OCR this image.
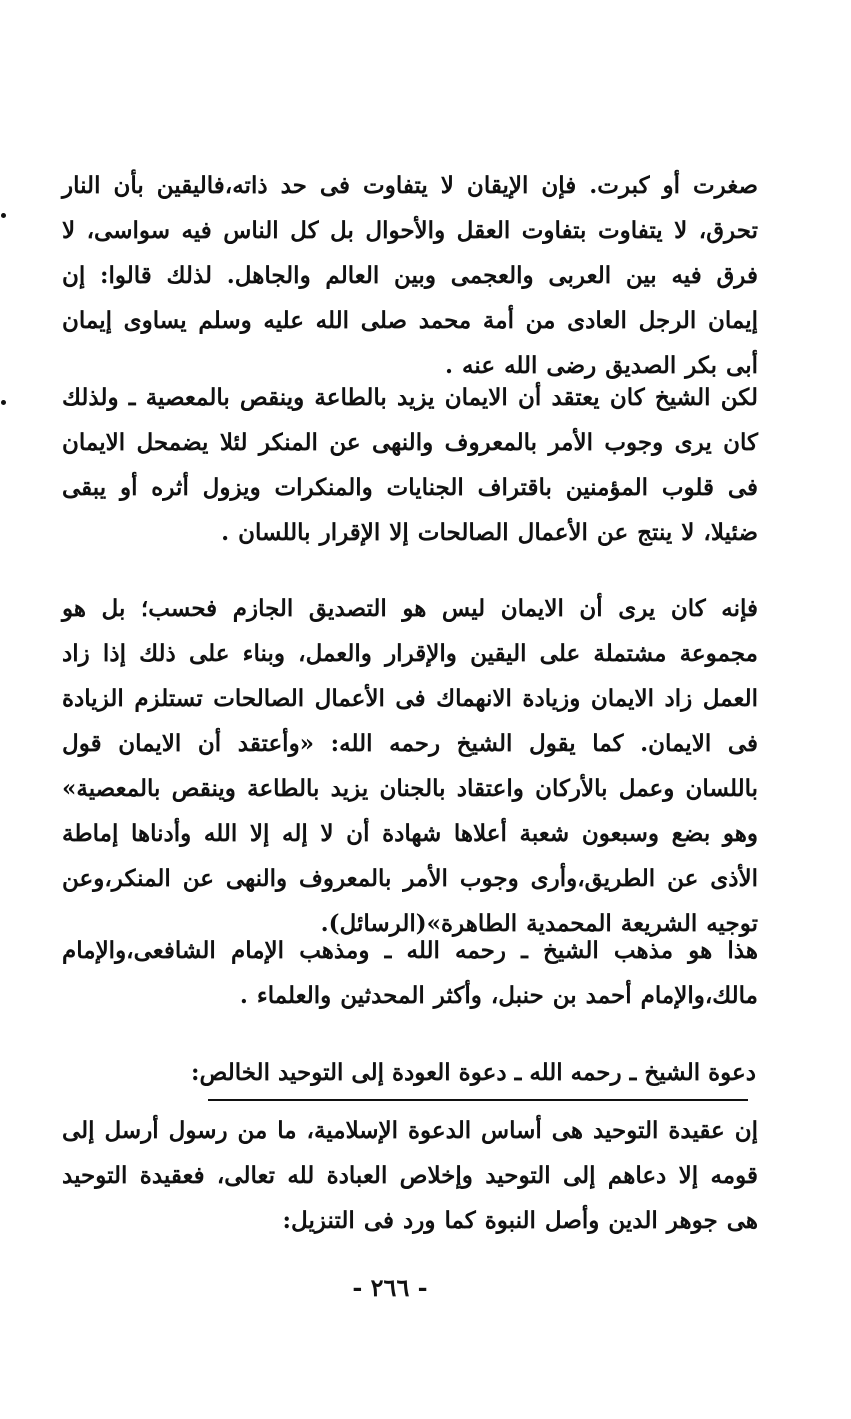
صغرت أو كبرت. فإن الإيقان لا يتفاوت فى حد ذاته،فاليقين بأن النار تحرق، لا يتفاوت بتفاوت العقل والأحوال بل كل الناس فيه سواسى، لا فرق فيه بين العربى والعجمى وبين العالم والجاهل. لذلك قالوا: إن إيمان الرجل العادى من أمة محمد صلى الله عليه وسلم يساوى إيمان أبى بكر الصديق رضى الله عنه .

لكن الشيخ كان يعتقد أن الايمان يزيد بالطاعة وينقص بالمعصية ـ ولذلك كان يرى وجوب الأمر بالمعروف والنهى عن المنكر لئلا يضمحل الايمان فى قلوب المؤمنين باقتراف الجنايات والمنكرات ويزول أثره أو يبقى ضئيلا، لا ينتج عن الأعمال الصالحات إلا الإقرار باللسان .

فإنه كان يرى أن الايمان ليس هو التصديق الجازم فحسب؛ بل هو مجموعة مشتملة على اليقين والإقرار والعمل، وبناء على ذلك إذا زاد العمل زاد الايمان وزيادة الانهماك فى الأعمال الصالحات تستلزم الزيادة فى الايمان. كما يقول الشيخ رحمه الله: «وأعتقد أن الايمان قول باللسان وعمل بالأركان واعتقاد بالجنان يزيد بالطاعة وينقص بالمعصية» وهو بضع وسبعون شعبة أعلاها شهادة أن لا إله إلا الله وأدناها إماطة الأذى عن الطريق،وأرى وجوب الأمر بالمعروف والنهى عن المنكر،وعن توجيه الشريعة المحمدية الطاهرة»(الرسائل).

هذا هو مذهب الشيخ ـ رحمه الله ـ ومذهب الإمام الشافعى،والإمام مالك،والإمام أحمد بن حنبل، وأكثر المحدثين والعلماء .

دعوة الشيخ ـ رحمه الله ـ دعوة العودة إلى التوحيد الخالص:

إن عقيدة التوحيد هى أساس الدعوة الإسلامية، ما من رسول أرسل إلى قومه إلا دعاهم إلى التوحيد وإخلاص العبادة لله تعالى، فعقيدة التوحيد هى جوهر الدين وأصل النبوة كما ورد فى التنزيل:

- ٢٦٦ -
